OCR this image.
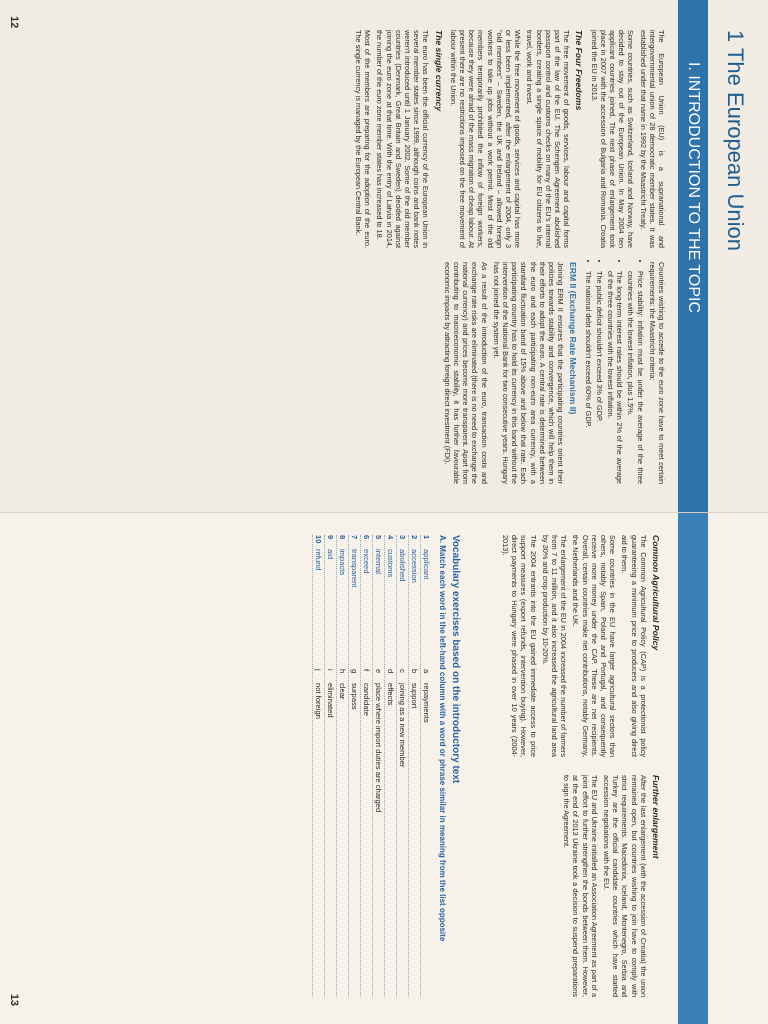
1 The European Union
I. INTRODUCTION TO THE TOPIC

The European Union (EU) is a supranational and intergovernmental union of 28 democratic member states. It was established under that name in 1992 by the Maastricht Treaty.

Some countries, such as Switzerland, Iceland and Norway, have decided to stay out of the European Union. In May 2004 ten applicant countries joined. The next phase of enlargement took place in 2007 with the accession of Bulgaria and Romania. Croatia joined the EU in 2013.

The Four Freedoms

The free movement of goods, services, labour and capital forms part of the law of the EU. The Schengen Agreement abolished passport control and customs checks on many of the EU's internal borders, creating a single space of mobility for EU citizens to live, travel, work and invest.

While the free movement of goods, services and capital has more or less been implemented, after the enlargement of 2004, only 3 "old members" – Sweden, the UK and Ireland – allowed foreign workers to take up jobs without a work permit. Most of the old members temporarily prohibited the inflow of foreign workers, because they were afraid of the mass migration of cheap labour. At present there are no restrictions imposed on the free movement of labour within the Union.

The single currency

The euro has been the official currency of the European Union in several member states since 1999, although coins and bank notes weren't introduced until 1 January 2002. Some of the old member countries (Denmark, Great Britain and Sweden) decided against joining the euro zone at that time. With the entry of Latvia in 2014, the number of the euro zone member states has increased to 18.

Most of the members are preparing for the adoption of the euro. The single currency is managed by the European Central Bank.

Countries wishing to accede to the euro zone have to meet certain requirements: the Maastricht criteria:

• Price stability: inflation must be under the average of the three countries with the lowest inflation, plus 1.5%.
• The long-term interest rates should be within 2% of the average of the three countries with the lowest inflation.
• The public deficit shouldn't exceed 3% of GDP.
• The national debt shouldn't exceed 60% of GDP.
ERM II (Exchange Rate Mechanism II)

Joining ERM II ensures that the participating countries orient their policies towards stability and convergence, which will help them in their efforts to adopt the euro. A central rate is determined between the euro and each participating non-euro area currency, with a standard fluctuation band of 15% above and below that rate. Each participating country has to hold its currency in this band without the intervention of the National Bank for two consecutive years. Hungary has not joined the system yet.

As a result of the introduction of the euro, transaction costs and exchange rate risks are eliminated (there is no need to exchange the national currency) and prices become more transparent. Apart from contributing to macroeconomic stability, it has further favourable economic impacts by attracting foreign direct investment (FDI).

12
Common Agricultural Policy

The Common Agricultural Policy (CAP) is a protectionist policy guaranteeing a minimum price to producers and also giving direct aid to them.

Some countries in the EU have larger agricultural sectors than others, notably Spain, Poland and Portugal, and consequently receive more money under the CAP. These are net recipients. Overall, certain countries make net contributions, notably Germany, the Netherlands and the UK.

The enlargement of the EU in 2004 increased the number of farmers from 7 to 11 million, and it also increased the agricultural land area by 30% and crop production by 10-20%.

The 2004 entrants into the EU gained immediate access to price support measures (export refunds, intervention buying). However, direct payments to Hungary were phased in over 10 years (2004-2013).

Further enlargement

After the last enlargement (with the accession of Croatia) the union remained open, but countries wishing to join have to comply with strict requirements. Macedonia, Iceland, Montenegro, Serbia and Turkey are the official candidate countries which have started accession negotiations with the EU.

The EU and Ukraine initialled an Association Agreement as part of a joint effort to further strengthen the bonds between them. However, at the end of 2013 Ukraine took a decision to suspend preparations to sign the Agreement.

Vocabulary exercises based on the introductory text
A. Match each word in the left-hand column with a word or phrase similar in meaning from the list opposite
1
applicant
a
repayments
2
accession
b
support
3
abolished
c
joining as a new member
4
customs
d
effects
5
internal
e
place where import duties are charged
6
exceed
f
candidate
7
transparent
g
surpass
8
impacts
h
clear
9
aid
i
eliminated
10
refund
j
not foreign
13
